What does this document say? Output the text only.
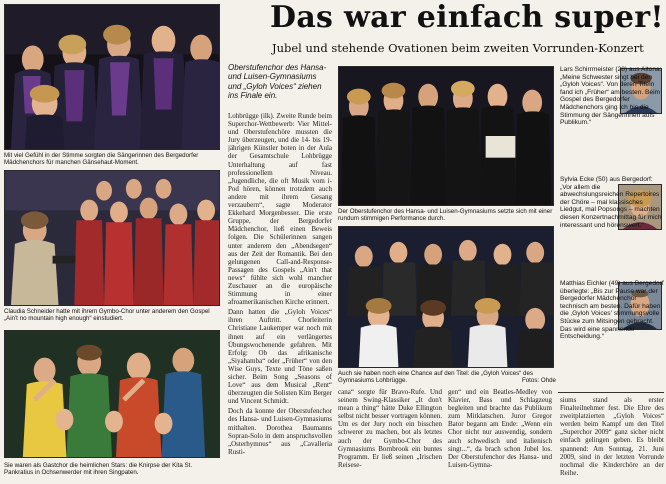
Mit viel Gefühl in der Stimme sorgten die Sängerinnen des Bergedorfer Mädchenchors für manchen Gänsehaut-Moment.
Claudia Schneider hatte mit ihrem Gymbo-Chor unter anderem den Gospel „Ain't no mountain high enough“ einstudiert.
Sie waren als Gastchor die heimlichen Stars: die Knirpse der Kita St. Pankratius in Ochsenwerder mit ihren Singpaten.
Das war einfach super!
Jubel und stehende Ovationen beim zweiten Vorrunden-Konzert
Oberstufenchor des Hansa- und Luisen-Gymnasiums und „Gyloh Voices“ ziehen ins Finale ein.

Lohbrügge (ilk). Zweite Runde beim Superchor-Wettbewerb: Vier Mittel- und Oberstufenchöre mussten die Jury überzeugen, und die 14- bis 19-jährigen Künstler boten in der Aula der Gesamtschule Lohbrügge Unterhaltung auf fast professionellem Niveau. „Jugendliche, die oft Musik vom i-Pod hören, können trotzdem auch andere mit ihrem Gesang verzaubern“, sagte Moderator Ekkehard Morgenbesser. Die erste Gruppe, der Bergedorfer Mädchenchor, ließ einen Beweis folgen. Die Schülerinnen sangen unter anderem den „Abendsegen“ aus der Zeit der Romantik. Bei den gelungenen Call-and-Response-Passagen des Gospels „Ain't that news“ fühlte sich wohl mancher Zuschauer an die europäische Stimmung in einer afroamerikanischen Kirche erinnert.

Dann hatten die „Gyloh Voices“ ihren Auftritt. Chorleiterin Christiane Laukemper war noch mit ihnen auf ein verlängertes Übungswochenende gefahren. Mit Erfolg: Ob das afrikanische „Siyahamba“ oder „Früher“ von den Wise Guys, Texte und Töne saßen sicher. Beim Song „Seasons of Love“ aus dem Musical „Rent“ überzeugten die Solisten Kim Berger und Vincent Schmidt.

Doch da konnte der Oberstufenchor des Hansa- und Luisen-Gymnasiums mithalten. Dorothea Baumanns Sopran-Solo in dem anspruchsvollen „Osterhymnus“ aus „Cavalleria Rusti-

Der Oberstufenchor des Hansa- und Luisen-Gymnasiums setzte sich mit einer rundum stimmigen Performance durch.
Auch sie haben noch eine Chance auf den Titel: die „Gyloh Voices“ des Gymnasiums Lohbrügge.	Fotos: Ohde
cana“ sorgte für Bravo-Rufe. Und seinem Swing-Klassiker „It don't mean a thing“ hätte Duke Ellington selbst nicht besser vortragen können. Um es der Jury noch ein bisschen schwerer zu machen, bot als letztes auch der Gymbo-Chor des Gymnasiums Bornbrook ein buntes Programm. Er ließ seinen „Irischen Reisese-
gen“ und ein Beatles-Medley von Klavier, Bass und Schlagzeug begleiten und brachte das Publikum zum Mitklatschen. Juror Gregor Bator begann am Ende: „Wenn ein Chor nicht nur auswendig, sondern auch schwedisch und italienisch singt...“, da brach schon Jubel los. Der Oberstufenchor des Hansa- und Luisen-Gymna-
Lars Schirrmeister (28) aus Altona: „Meine Schwester singt bei den „Gyloh Voices“. Von deren Titeln fand ich „Früher“ am besten. Beim Gospel des Bergedorfer Mädchenchors ging ich bis die Stimmung der Sängerinnen aufs Publikum.“
Sylvia Ecke (50) aus Bergedorf: „Vor allem die abwechslungsreichen Repertoires der Chöre – mal klassisches Liedgut, mal Popsongs – machten diesen Konzertnachmittag für mich interessant und hörenswert.“
Matthias Eichler (49) aus Bergedorf überlegte: „Bis zur Pause war der Bergedorfer Mädchenchor technisch am besten. Dafür haben die ‚Gyloh Voices‘ stimmungsvolle Stücke zum Mitsingen gebracht. Das wird eine spannende Entscheidung.“
siums stand als erster Finalteilnehmer fest. Die Ehre des zweitplatzierten „Gyloh Voices“ werden beim Kampf um den Titel „Superchor 2009“ ganz sicher nicht einfach gelingen geben. Es bleibt spannend: Am Sonntag, 21. Juni 2009, sind in der letzten Vorrunde nochmal die Kinderchöre an der Reihe.
